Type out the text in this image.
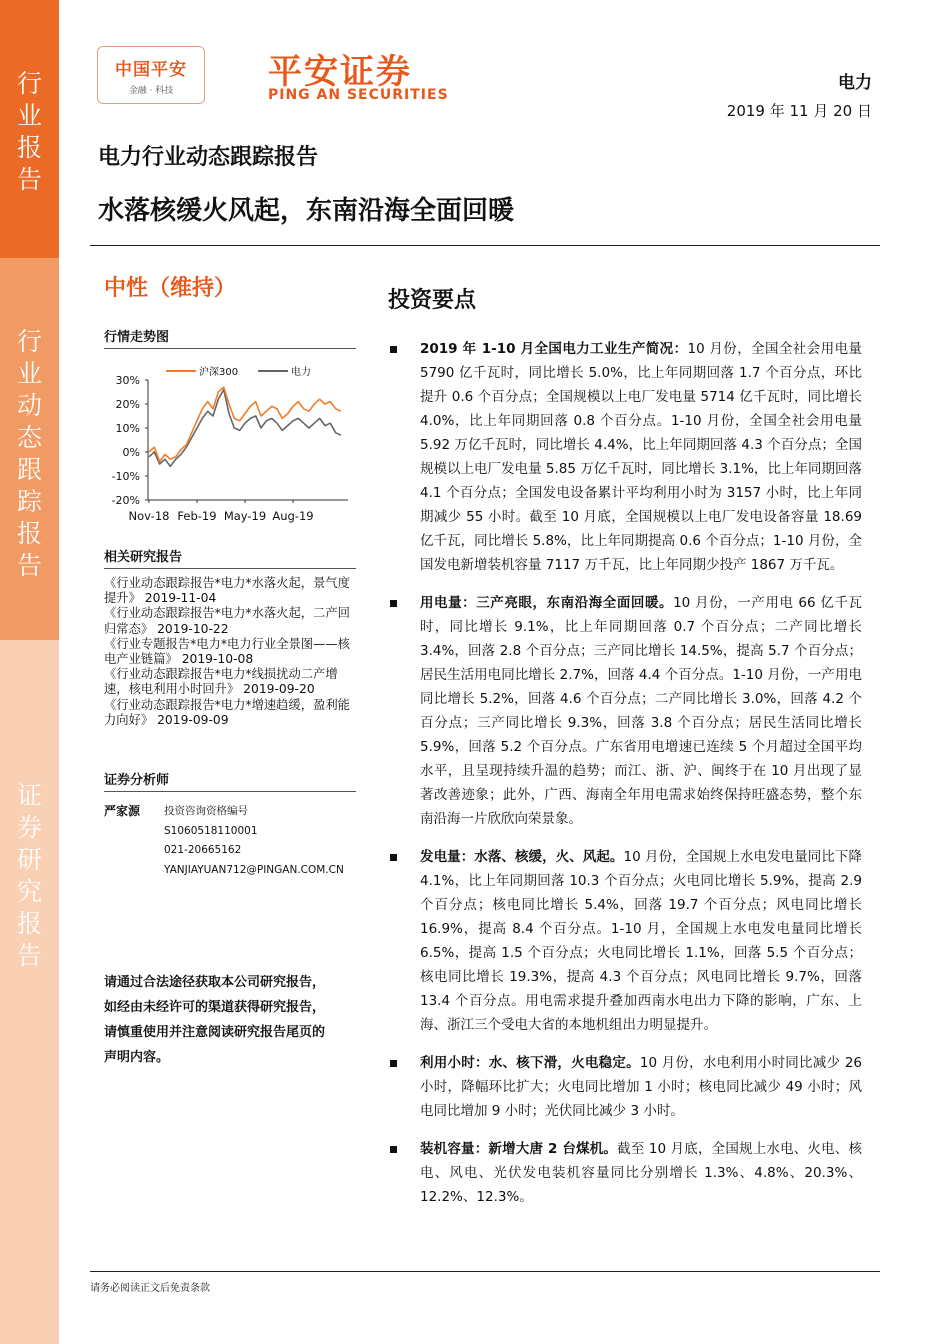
行业报告
行业动态跟踪报告
证券研究报告
中国平安
金融 · 科技	平安证券
PING AN SECURITIES
电力
2019 年 11 月 20 日
电力行业动态跟踪报告
水落核缓火风起，东南沿海全面回暖
中性（维持）
行情走势图
沪深300	电力
30%
20%
10%
0%
-10%
-20%
Nov-18 Feb-19 May-19 Aug-19
相关研究报告
《行业动态跟踪报告*电力*水落火起，景气度提升》 2019-11-04
《行业动态跟踪报告*电力*水落火起，二产回归常态》 2019-10-22
《行业专题报告*电力*电力行业全景图——核电产业链篇》 2019-10-08
《行业动态跟踪报告*电力*线损扰动二产增速，核电利用小时回升》 2019-09-20
《行业动态跟踪报告*电力*增速趋缓，盈利能力向好》 2019-09-09
证券分析师
严家源 投资咨询资格编号
S1060518110001
021-20665162
YANJIAYUAN712@PINGAN.COM.CN
请通过合法途径获取本公司研究报告，如经由未经许可的渠道获得研究报告，请慎重使用并注意阅读研究报告尾页的声明内容。
投资要点
2019 年 1-10 月全国电力工业生产简况：10 月份，全国全社会用电量 5790 亿千瓦时，同比增长 5.0%，比上年同期回落 1.7 个百分点，环比提升 0.6 个百分点；全国规模以上电厂发电量 5714 亿千瓦时，同比增长 4.0%，比上年同期回落 0.8 个百分点。1-10 月份，全国全社会用电量 5.92 万亿千瓦时，同比增长 4.4%，比上年同期回落 4.3 个百分点；全国规模以上电厂发电量 5.85 万亿千瓦时，同比增长 3.1%，比上年同期回落 4.1 个百分点；全国发电设备累计平均利用小时为 3157 小时，比上年同期减少 55 小时。截至 10 月底，全国规模以上电厂发电设备容量 18.69 亿千瓦，同比增长 5.8%，比上年同期提高 0.6 个百分点；1-10 月份，全国发电新增装机容量 7117 万千瓦，比上年同期少投产 1867 万千瓦。
用电量：三产亮眼，东南沿海全面回暖。10 月份，一产用电 66 亿千瓦时，同比增长 9.1%，比上年同期回落 0.7 个百分点；二产同比增长 3.4%，回落 2.8 个百分点；三产同比增长 14.5%，提高 5.7 个百分点；居民生活用电同比增长 2.7%，回落 4.4 个百分点。1-10 月份，一产用电同比增长 5.2%，回落 4.6 个百分点；二产同比增长 3.0%，回落 4.2 个百分点；三产同比增长 9.3%，回落 3.8 个百分点；居民生活同比增长 5.9%，回落 5.2 个百分点。广东省用电增速已连续 5 个月超过全国平均水平，且呈现持续升温的趋势；而江、浙、沪、闽终于在 10 月出现了显著改善迹象；此外，广西、海南全年用电需求始终保持旺盛态势，整个东南沿海一片欣欣向荣景象。
发电量：水落、核缓，火、风起。10 月份，全国规上水电发电量同比下降 4.1%，比上年同期回落 10.3 个百分点；火电同比增长 5.9%，提高 2.9 个百分点；核电同比增长 5.4%，回落 19.7 个百分点；风电同比增长 16.9%，提高 8.4 个百分点。1-10 月，全国规上水电发电量同比增长 6.5%，提高 1.5 个百分点；火电同比增长 1.1%，回落 5.5 个百分点；核电同比增长 19.3%，提高 4.3 个百分点；风电同比增长 9.7%，回落 13.4 个百分点。用电需求提升叠加西南水电出力下降的影响，广东、上海、浙江三个受电大省的本地机组出力明显提升。
利用小时：水、核下滑，火电稳定。10 月份，水电利用小时同比减少 26 小时，降幅环比扩大；火电同比增加 1 小时；核电同比减少 49 小时；风电同比增加 9 小时；光伏同比减少 3 小时。
装机容量：新增大唐 2 台煤机。截至 10 月底，全国规上水电、火电、核电、风电、光伏发电装机容量同比分别增长 1.3%、4.8%、20.3%、12.2%、12.3%。
请务必阅读正文后免责条款
